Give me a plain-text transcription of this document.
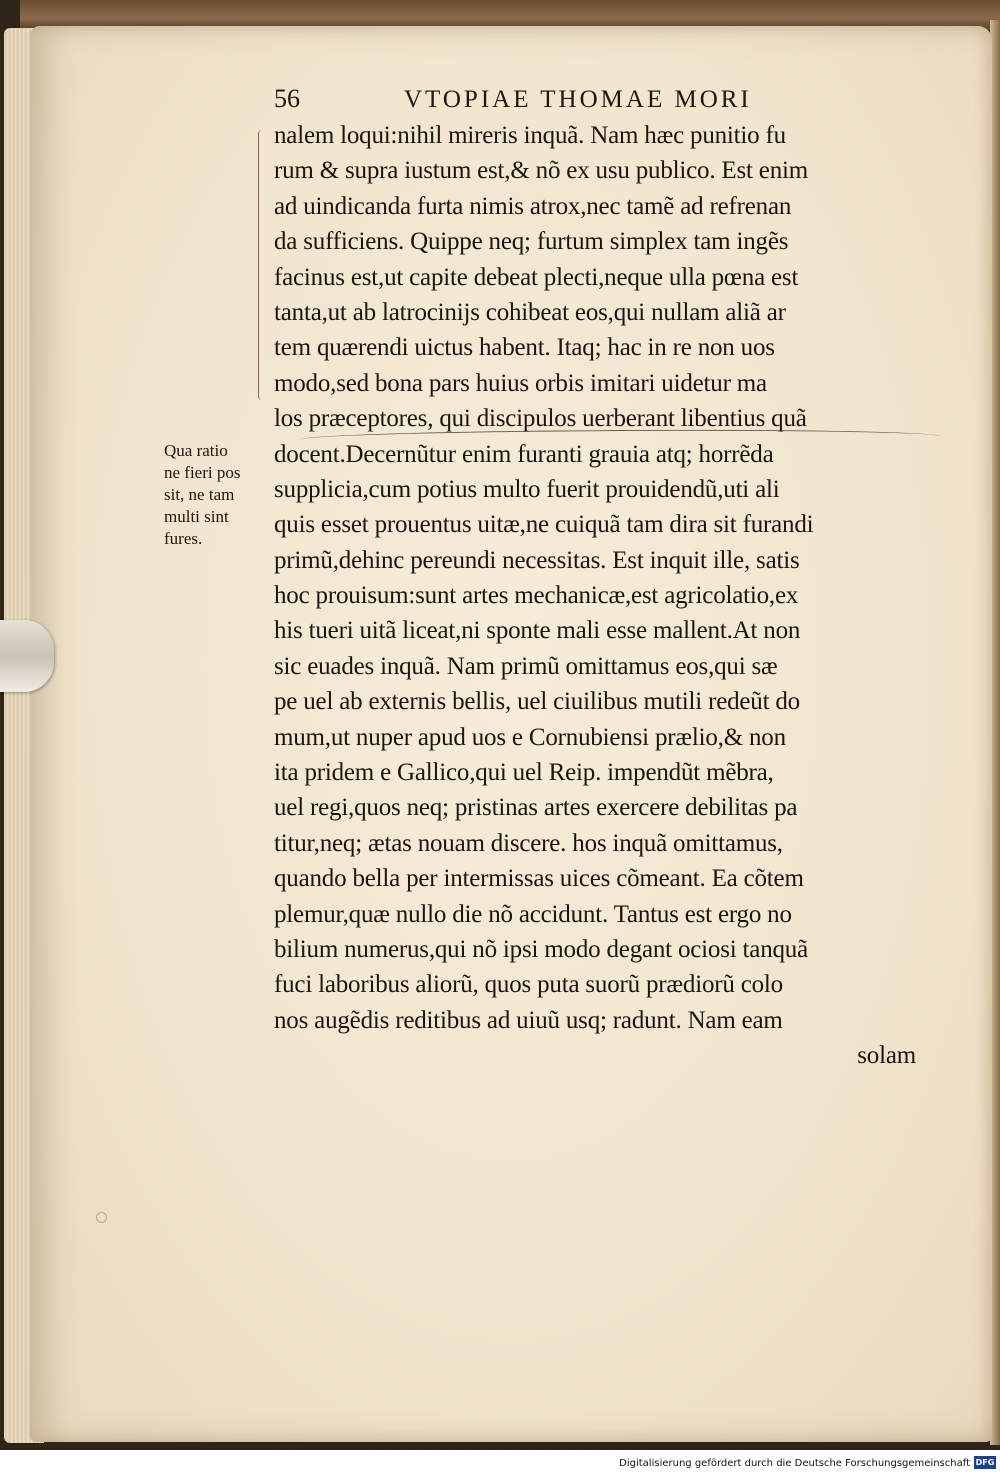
56	VTOPIAE THOMAE MORI
Qua ratio
ne fieri pos
sit, ne tam
multi sint
fures.
nalem loqui:nihil mireris inquã. Nam hæc punitio fu
rum & supra iustum est,& nõ ex usu publico. Est enim
ad uindicanda furta nimis atrox,nec tamẽ ad refrenan
da sufficiens. Quippe neq; furtum simplex tam ingẽs
facinus est,ut capite debeat plecti,neque ulla pœna est
tanta,ut ab latrocinijs cohibeat eos,qui nullam aliã ar
tem quærendi uictus habent. Itaq; hac in re non uos
modo,sed bona pars huius orbis imitari uidetur ma
los præceptores, qui discipulos uerberant libentius quã
docent.Decernũtur enim furanti grauia atq; horrẽda
supplicia,cum potius multo fuerit prouidendũ,uti ali
quis esset prouentus uitæ,ne cuiquã tam dira sit furandi
primũ,dehinc pereundi necessitas. Est inquit ille, satis
hoc prouisum:sunt artes mechanicæ,est agricolatio,ex
his tueri uitã liceat,ni sponte mali esse mallent.At non
sic euades inquã. Nam primũ omittamus eos,qui sæ
pe uel ab externis bellis, uel ciuilibus mutili redeũt do
mum,ut nuper apud uos e Cornubiensi prælio,& non
ita pridem e Gallico,qui uel Reip. impendũt mẽbra,
uel regi,quos neq; pristinas artes exercere debilitas pa
titur,neq; ætas nouam discere. hos inquã omittamus,
quando bella per intermissas uices cõmeant. Ea cõtem
plemur,quæ nullo die nõ accidunt. Tantus est ergo no
bilium numerus,qui nõ ipsi modo degant ociosi tanquã
fuci laboribus aliorũ, quos puta suorũ prædiorũ colo
nos augẽdis reditibus ad uiuũ usq; radunt. Nam eam
solam
Digitalisierung gefördert durch die Deutsche Forschungsgemeinschaft DFG
